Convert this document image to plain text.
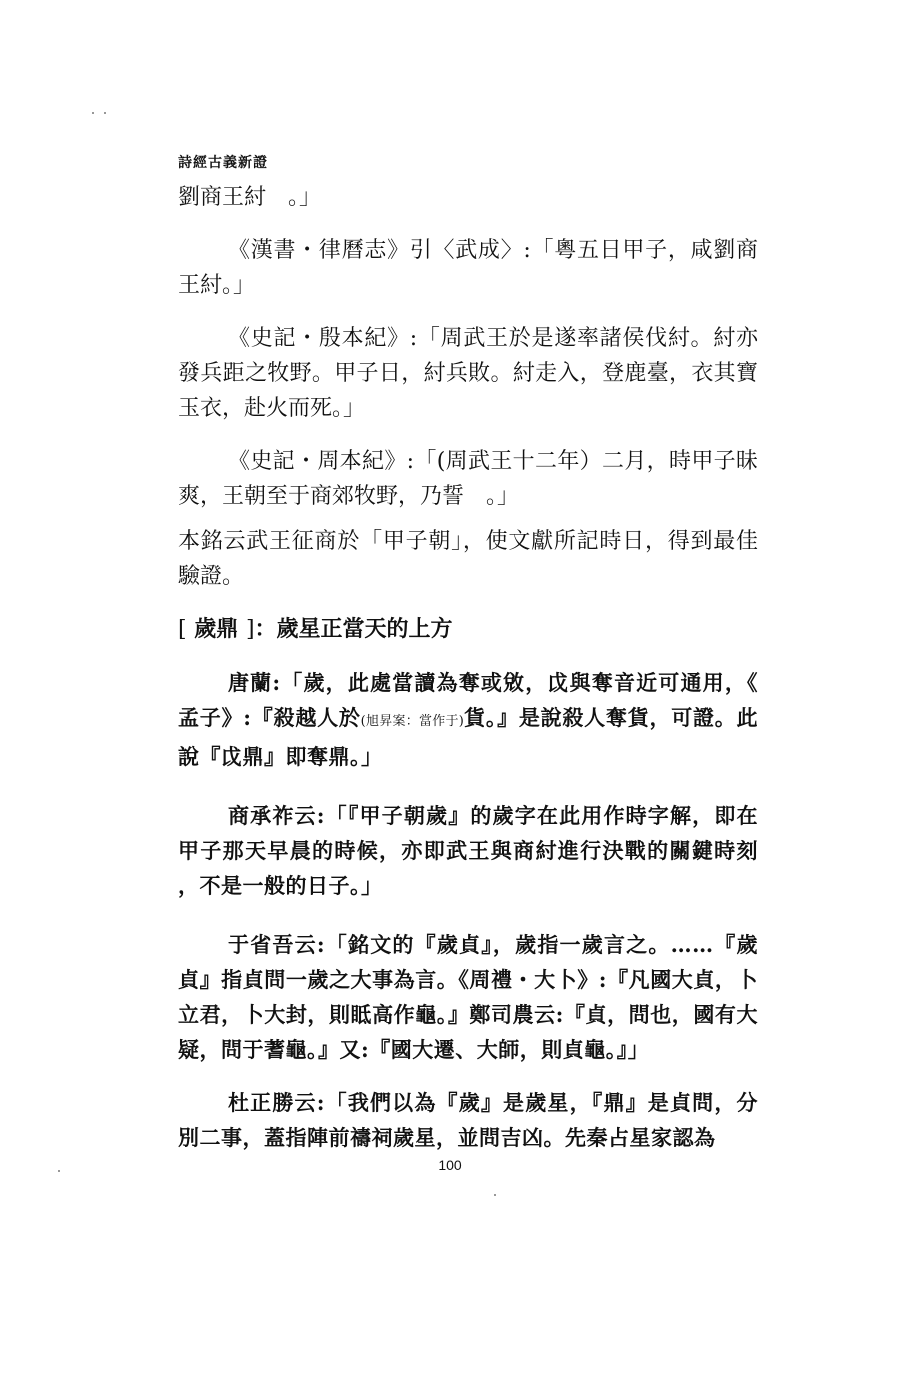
詩經古義新證

劉商王紂　。」

《漢書・律曆志》引〈武成〉:「粵五日甲子，咸劉商王紂。」

《史記・殷本紀》:「周武王於是遂率諸侯伐紂。紂亦發兵距之牧野。甲子日，紂兵敗。紂走入，登鹿臺，衣其寶玉衣，赴火而死。」

《史記・周本紀》:「(周武王十二年）二月，時甲子昧爽，王朝至于商郊牧野，乃誓　。」

本銘云武王征商於「甲子朝」，使文獻所記時日，得到最佳驗證。

[ 歲鼎 ]：歲星正當天的上方

唐蘭:「歲，此處當讀為奪或敓，戉與奪音近可通用，《孟子》:『殺越人於(旭昇案：當作于)貨。』是說殺人奪貨，可證。此說『戉鼎』即奪鼎。」

商承祚云:「『甲子朝歲』的歲字在此用作時字解，即在甲子那天早晨的時候，亦即武王與商紂進行決戰的關鍵時刻，不是一般的日子。」

于省吾云:「銘文的『歲貞』，歲指一歲言之。……『歲貞』指貞問一歲之大事為言。《周禮・大卜》:『凡國大貞，卜立君，卜大封，則眡高作龜。』鄭司農云:『貞，問也，國有大疑，問于蓍龜。』又:『國大遷、大師，則貞龜。』」

杜正勝云:「我們以為『歲』是歲星，『鼎』是貞問，分別二事，蓋指陣前禱祠歲星，並問吉凶。先秦占星家認為

100
